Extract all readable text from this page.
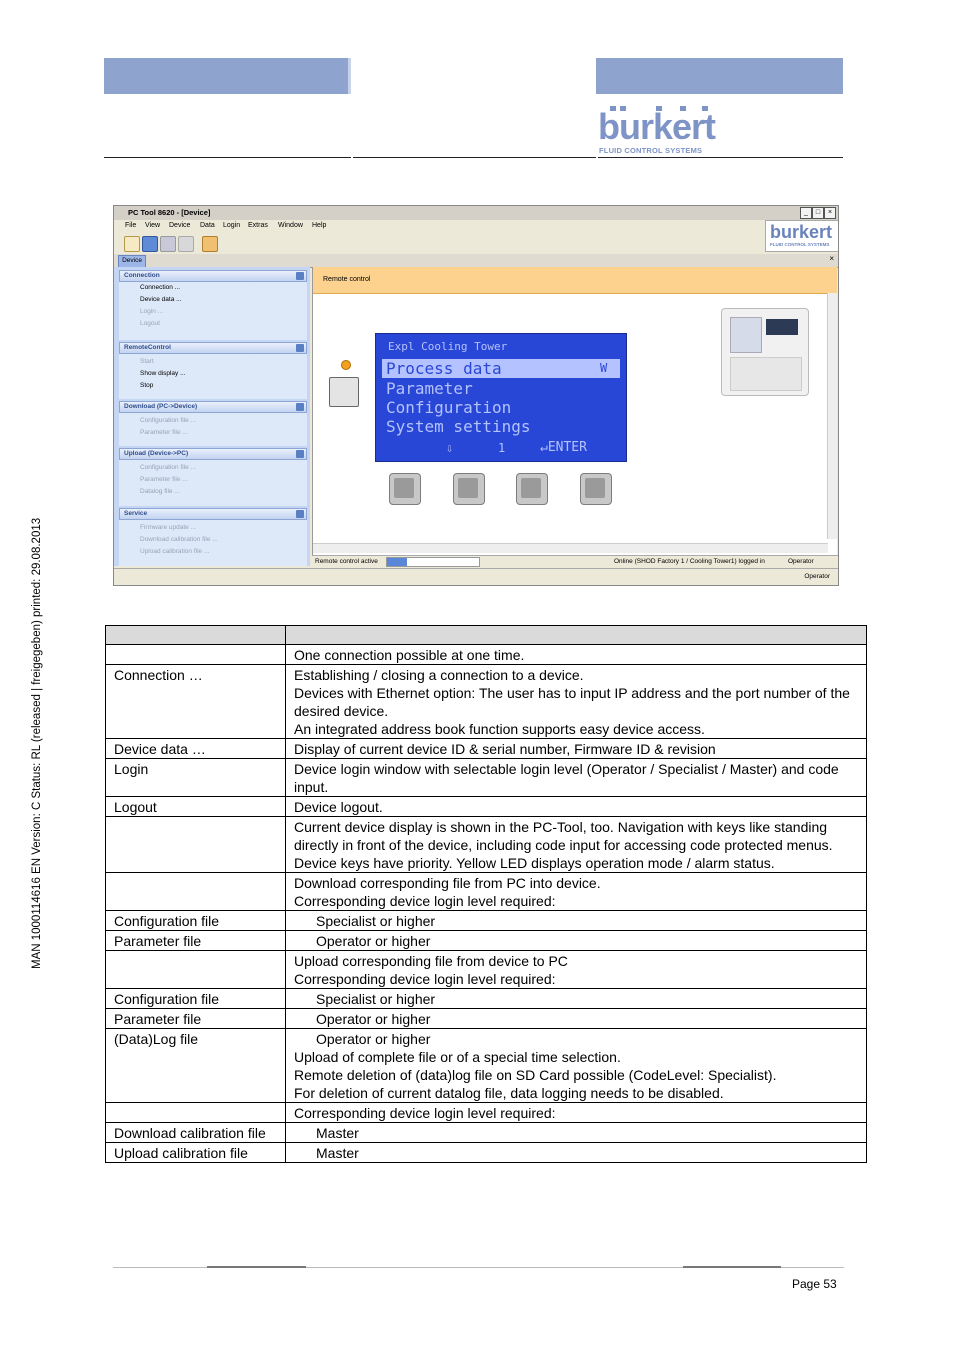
burkert
FLUID CONTROL SYSTEMS
MAN 1000114616 EN Version: C Status: RL (released | freigegeben) printed: 29.08.2013
PC Tool 8620 - [Device]	_	□	×
File View Device Data Login Extras Window Help	burkert
FLUID CONTROL SYSTEMS
Device	×
Connection
Connection ...
Device data ...
Login ...
Logout
RemoteControl
Start
Show display ...
Stop
Download (PC->Device)
Configuration file ...
Parameter file ...
Upload (Device->PC)
Configuration file ...
Parameter file ...
Datalog file ...
Service
Firmware update ...
Download calibration file ...
Upload calibration file ...
Remote control
Expl Cooling Tower
Process data	W
Parameter
Configuration
System settings
⇩	1	↵ENTER
Remote control active	Online (SHOD Factory 1 / Cooling Tower1) logged in	Operator
Operator

	One connection possible at one time.

Connection …	Establishing / closing a connection to a device.
Devices with Ethernet option: The user has to input IP address and the port number of the desired device.
An integrated address book function supports easy device access.

Device data …	Display of current device ID & serial number, Firmware ID & revision

Login	Device login window with selectable login level (Operator / Specialist / Master) and code input.

Logout	Device logout.

	Current device display is shown in the PC-Tool, too. Navigation with keys like standing directly in front of the device, including code input for accessing code protected menus. Device keys have priority. Yellow LED displays operation mode / alarm status.

	Download corresponding file from PC into device.
Corresponding device login level required:

Configuration file	Specialist or higher

Parameter file	Operator or higher

	Upload corresponding file from device to PC
Corresponding device login level required:

Configuration file	Specialist or higher

Parameter file	Operator or higher

(Data)Log file	Operator or higher
Upload of complete file or of a special time selection.
Remote deletion of (data)log file on SD Card possible (CodeLevel: Specialist).
For deletion of current datalog file, data logging needs to be disabled.

	Corresponding device login level required:

Download calibration file	Master

Upload calibration file	Master
Page 53
